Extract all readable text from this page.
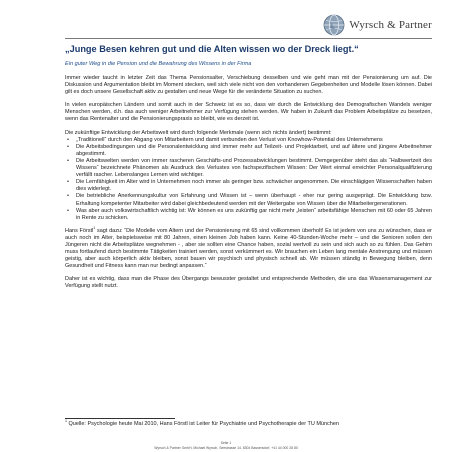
Wyrsch & Partner
„Junge Besen kehren gut und die Alten wissen wo der Dreck liegt.“

Ein guter Weg in die Pension und die Bewahrung des Wissens in der Firma

Immer wieder taucht in letzter Zeit das Thema Pensionsalter, Verschiebung desselben und wie geht man mit der Pensionierung um auf. Die Diskussion und Argumentation bleibt im Moment stecken, weil sich viele nicht von den vorhandenen Gegebenheiten und Modelle lösen können. Dabei gilt es doch unsere Gesellschaft aktiv zu gestalten und neue Wege für die veränderte Situation zu suchen.

In vielen europäischen Ländern und somit auch in der Schweiz ist es so, dass wir durch die Entwicklung des Demografischen Wandels weniger Menschen werden, d.h. das auch weniger Arbeitnehmer zur Verfügung stehen werden. Wir haben in Zukunft das Problem Arbeitsplätze zu besetzen, wenn das Rentenalter und die Pensionierungspraxis so bleibt, wie es derzeit ist.

Die zukünftige Entwicklung der Arbeitswelt wird durch folgende Merkmale (wenn sich nichts ändert) bestimmt:

• „Traditionell“ durch den Abgang von Mitarbeitern und damit verbunden den Verlust von Knowhow-Potential des Unternehmens
• Die Arbeitsbedingungen und die Personalentwicklung sind immer mehr auf Teilzeit- und Projektarbeit, und auf ältere und jüngere Arbeitnehmer abgestimmt.
• Die Arbeitswelten werden von immer rascheren Geschäfts-und Prozessabwicklungen bestimmt. Demgegenüber steht das als “Halbwertzeit des Wissens“ bezeichnete Phänomen als Ausdruck des Verlustes von fachspezifischem Wissen: Der Wert einmal erreichter Personalqualifizierung verfällt rascher. Lebenslanges Lernen wird wichtiger.
• Die Lernfähigkeit im Alter wird in Unternehmen noch immer als geringer bzw. schwächer angenommen. Die einschlägigen Wissenschaften haben dies widerlegt.
• Die betriebliche Anerkennungskultur von Erfahrung und Wissen ist – wenn überhaupt - eher nur gering ausgeprägt. Die Entwicklung bzw. Erhaltung kompetenter Mitarbeiter wird dabei gleichbedeutend werden mit der Weitergabe von Wissen über die Mitarbeitergenerationen.
• Was aber auch volkswirtschaftlich wichtig ist: Wir können es uns zukünftig gar nicht mehr „leisten“ arbeitsfähige Menschen mit 60 oder 65 Jahren in Rente zu schicken.

Hans Förstl$^1$ sagt dazu: “Die Modelle vom Altern und der Pensionierung mit 65 sind vollkommen überholt! Es ist jedem von uns zu wünschen, dass er auch noch im Alter, beispielsweise mit 80 Jahren, einen kleinen Job haben kann. Keine 40-Stunden-Woche mehr – und die Senioren sollen den Jüngeren nicht die Arbeitsplätze wegnehmen - , aber sie sollten eine Chance haben, sozial wertvoll zu sein und sich auch so zu fühlen. Das Gehirn muss fortlaufend durch bestimmte Tätigkeiten trainiert werden, sonst verkümmert es. Wir brauchen ein Leben lang mentale Anstrengung und müssen geistig, aber auch körperlich aktiv bleiben, sonst bauen wir psychisch und physisch schnell ab. Wir müssen ständig in Bewegung bleiben, denn Gesundheit und Fitness kann man nur bedingt anpassen.“

Daher ist es wichtig, dass man die Phase des Übergangs bewusster gestaltet und entsprechende Methoden, die uns das Wissensmanagement zur Verfügung stellt nutzt.

$^1$ Quelle: Psychologie heute Mai 2010, Hans Förstl ist Leiter für Psychiatrie und Psychotherapie der TU München
Seite 1
Wyrsch & Partner GmbH, Michael Wyrsch, Seestrasse 14, 8304 Bassersdorf, +41 44 000 28 80
